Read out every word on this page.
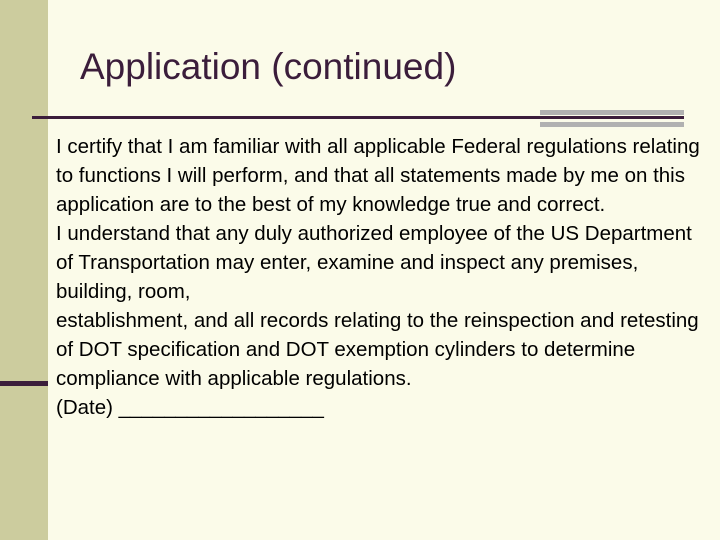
Application (continued)

I certify that I am familiar with all applicable Federal regulations relating to functions I will perform, and that all statements made by me on this application are to the best of my knowledge true and correct.

I understand that any duly authorized employee of the US Department of Transportation may enter, examine and inspect any premises, building, room,

establishment, and all records relating to the reinspection and retesting of DOT specification and DOT exemption cylinders to determine compliance with applicable regulations.

(Date) __________________
